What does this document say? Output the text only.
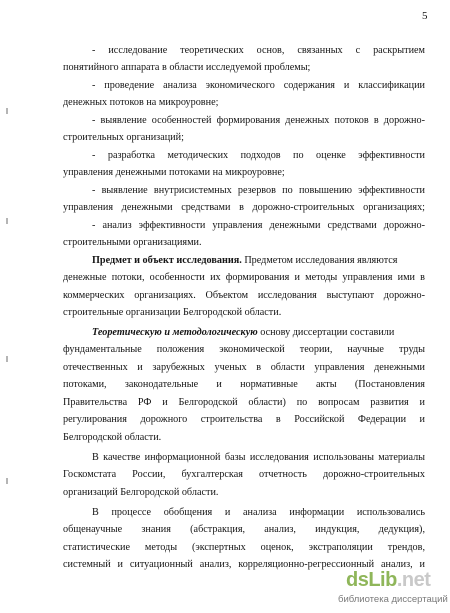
5
- исследование теоретических основ, связанных с раскрытием
понятийного аппарата в области исследуемой проблемы;
- проведение анализа экономического содержания и классификации
денежных потоков на микроуровне;
- выявление особенностей формирования денежных потоков в дорожно-
строительных организаций;
- разработка методических подходов по оценке эффективности
управления денежными потоками на микроуровне;
- выявление внутрисистемных резервов по повышению эффективности
управления денежными средствами в дорожно-строительных организациях;
- анализ эффективности управления денежными средствами дорожно-
строительными организациями.
Предмет и объект исследования. Предметом исследования являются
денежные потоки, особенности их формирования и методы управления ими в
коммерческих организациях. Объектом исследования выступают дорожно-
строительные организации Белгородской области.
Теоретическую и методологическую основу диссертации составили
фундаментальные положения экономической теории, научные труды
отечественных и зарубежных ученых в области управления денежными
потоками, законодательные и нормативные акты (Постановления
Правительства РФ и Белгородской области) по вопросам развития и
регулирования дорожного строительства в Российской Федерации и
Белгородской области.
В качестве информационной базы исследования использованы материалы
Госкомстата России, бухгалтерская отчетность дорожно-строительных
организаций Белгородской области.
В процессе обобщения и анализа информации использовались
общенаучные знания (абстракция, анализ, индукция, дедукция),
статистические методы (экспертных оценок, экстраполяции трендов,
системный и ситуационный анализ, корреляционно-регрессионный анализ, и
dsLib.net
библиотека диссертаций
